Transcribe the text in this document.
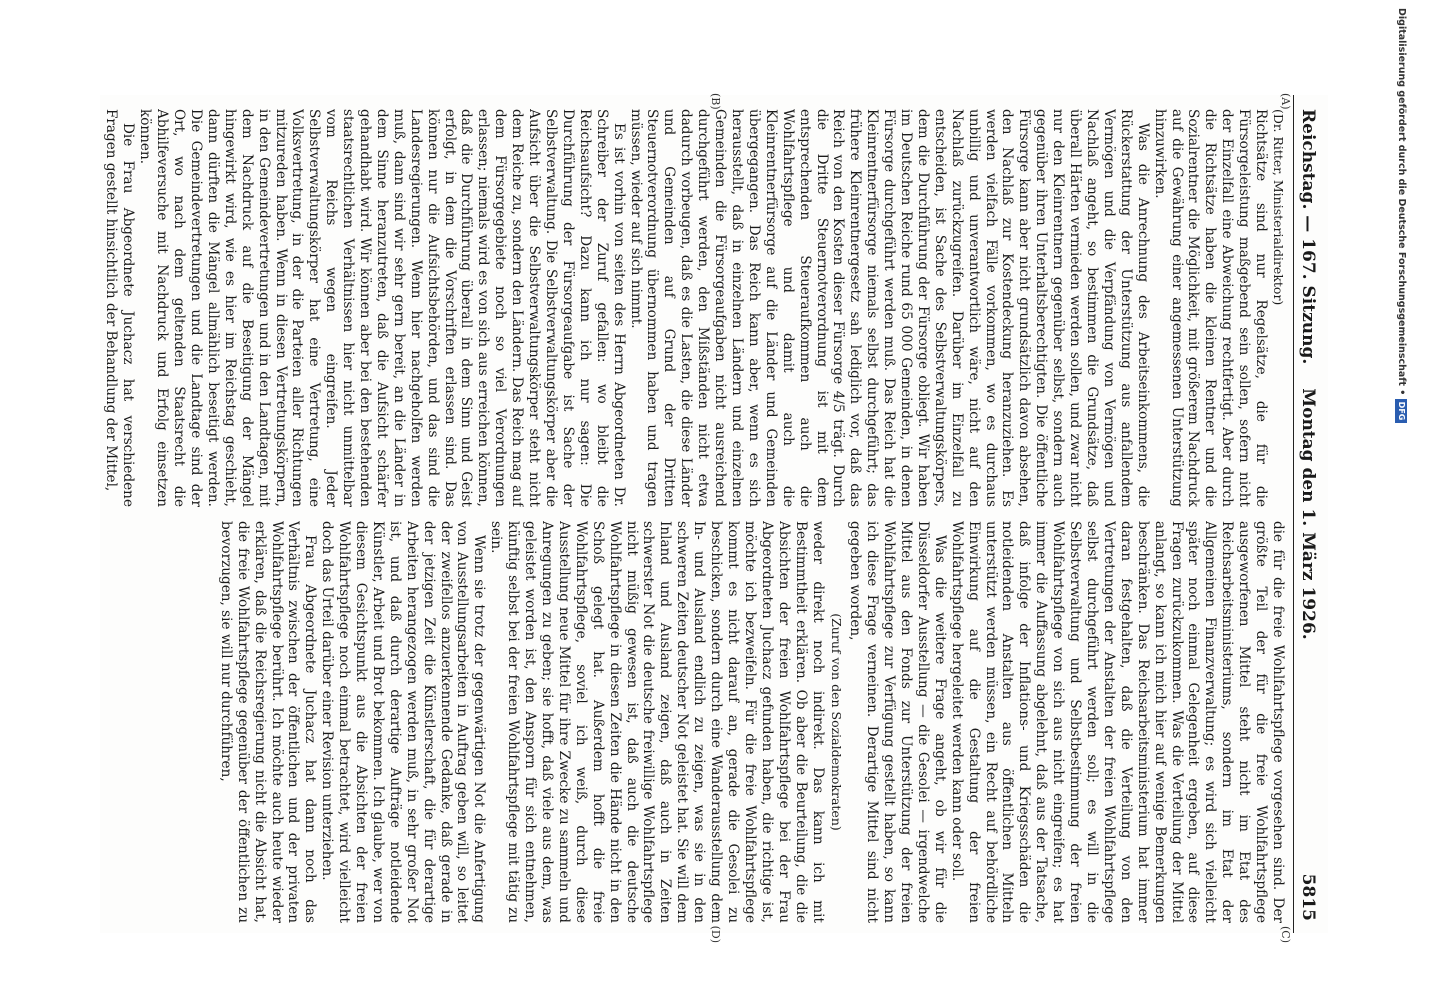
Reichstag. — 167. Sitzung.
Montag den 1. März 1926.
5815
(A)
(B)
(C)
(D)

(Dr. Ritter, Ministerialdirektor)

Richtsätze sind nur Regelsätze, die für die Fürsorgeleistung maßgebend sein sollen, sofern nicht der Einzelfall eine Abweichung rechtfertigt. Aber durch die Richtsätze haben die kleinen Rentner und die Sozialrentner die Möglichkeit, mit größerem Nachdruck auf die Gewährung einer angemessenen Unterstützung hinzuwirken.

Was die Anrechnung des Arbeitseinkommens, die Rückerstattung der Unterstützung aus anfallendem Vermögen und die Verpfändung von Vermögen und Nachlaß angeht, so bestimmen die Grundsätze, daß überall Härten vermieden werden sollen, und zwar nicht nur den Kleinrentnern gegenüber selbst, sondern auch gegenüber ihren Unterhaltsberechtigten. Die öffentliche Fürsorge kann aber nicht grundsätzlich davon absehen, den Nachlaß zur Kostendeckung heranzuziehen. Es werden vielfach Fälle vorkommen, wo es durchaus unbillig und unverantwortlich wäre, nicht auf den Nachlaß zurückzugreifen. Darüber im Einzelfall zu entscheiden, ist Sache des Selbstverwaltungskörpers, dem die Durchführung der Fürsorge obliegt. Wir haben im Deutschen Reiche rund 65 000 Gemeinden, in denen Fürsorge durchgeführt werden muß. Das Reich hat die Kleinrentnerfürsorge niemals selbst durchgeführt; das frühere Kleinrentnergesetz sah lediglich vor, daß das Reich von den Kosten dieser Fürsorge 4/5 trägt. Durch die Dritte Steuernotverordnung ist mit dem entsprechenden Steueraufkommen auch die Wohlfahrtspflege und damit auch die Kleinrentnerfürsorge auf die Länder und Gemeinden übergegangen. Das Reich kann aber, wenn es sich herausstellt, daß in einzelnen Ländern und einzelnen Gemeinden die Fürsorgeaufgaben nicht ausreichend durchgeführt werden, den Mißständen nicht etwa dadurch vorbeugen, daß es die Lasten, die diese Länder und Gemeinden auf Grund der Dritten Steuernotverordnung übernommen haben und tragen müssen, wieder auf sich nimmt.

Es ist vorhin von seiten des Herrn Abgeordneten Dr. Schreiber der Zuruf gefallen: wo bleibt die Reichsaufsicht? Dazu kann ich nur sagen: Die Durchführung der Fürsorgeaufgabe ist Sache der Selbstverwaltung. Die Selbstverwaltungskörper aber die Aufsicht über die Selbstverwaltungskörper steht nicht dem Reiche zu, sondern den Ländern. Das Reich mag auf dem Fürsorgegebiete noch so viel Verordnungen erlassen; niemals wird es von sich aus erreichen können, daß die Durchführung überall in dem Sinn und Geist erfolgt, in dem die Vorschriften erlassen sind. Das können nur die Aufsichtsbehörden, und das sind die Landesregierungen. Wenn hier nachgeholfen werden muß, dann sind wir sehr gern bereit, an die Länder in dem Sinne heranzutreten, daß die Aufsicht schärfer gehandhabt wird. Wir können aber bei den bestehenden staatsrechtlichen Verhältnissen hier nicht unmittelbar vom Reichs wegen eingreifen. Jeder Selbstverwaltungskörper hat eine Vertretung, eine Volksvertretung, in der die Parteien aller Richtungen mitzureden haben. Wenn in diesen Vertretungskörpern, in den Gemeindevertretungen und in den Landtagen, mit dem Nachdruck auf die Beseitigung der Mängel hingewirkt wird, wie es hier im Reichstag geschieht, dann dürften die Mängel allmählich beseitigt werden. Die Gemeindevertretungen und die Landtage sind der Ort, wo nach dem geltenden Staatsrecht die Abhilfeversuche mit Nachdruck und Erfolg einsetzen können.

Die Frau Abgeordnete Juchacz hat verschiedene Fragen gestellt hinsichtlich der Behandlung der Mittel,

die für die freie Wohlfahrtspflege vorgesehen sind. Der größte Teil der für die freie Wohlfahrtspflege ausgeworfenen Mittel steht nicht im Etat des Reichsarbeitsministeriums, sondern im Etat der Allgemeinen Finanzverwaltung; es wird sich vielleicht später noch einmal Gelegenheit ergeben, auf diese Fragen zurückzukommen. Was die Verteilung der Mittel anlangt, so kann ich mich hier auf wenige Bemerkungen beschränken. Das Reichsarbeitsministerium hat immer daran festgehalten, daß die Verteilung von den Vertretungen der Anstalten der freien Wohlfahrtspflege selbst durchgeführt werden soll; es will in die Selbstverwaltung und Selbstbestimmung der freien Wohlfahrtspflege von sich aus nicht eingreifen; es hat immer die Auffassung abgelehnt, daß aus der Tatsache, daß infolge der Inflations- und Kriegsschäden die notleidenden Anstalten aus öffentlichen Mitteln unterstützt werden müssen, ein Recht auf behördliche Einwirkung auf die Gestaltung der freien Wohlfahrtspflege hergeleitet werden kann oder soll.

Was die weitere Frage angeht, ob wir für die Düsseldorfer Ausstellung — die Gesolei — irgendwelche Mittel aus den Fonds zur Unterstützung der freien Wohlfahrtspflege zur Verfügung gestellt haben, so kann ich diese Frage verneinen. Derartige Mittel sind nicht gegeben worden,

(Zuruf von den Sozialdemokraten)

weder direkt noch indirekt. Das kann ich mit Bestimmtheit erklären. Ob aber die Beurteilung, die die Absichten der freien Wohlfahrtspflege bei der Frau Abgeordneten Juchacz gefunden haben, die richtige ist, möchte ich bezweifeln. Für die freie Wohlfahrtspflege kommt es nicht darauf an, gerade die Gesolei zu beschicken, sondern durch eine Wanderausstellung dem In- und Ausland endlich zu zeigen, was sie in den schweren Zeiten deutscher Not geleistet hat. Sie will dem Inland und Ausland zeigen, daß auch in Zeiten schwerster Not die deutsche freiwillige Wohlfahrtspflege nicht müßig gewesen ist, daß auch die deutsche Wohlfahrtspflege in diesen Zeiten die Hände nicht in den Schoß gelegt hat. Außerdem hofft die freie Wohlfahrtspflege, soviel ich weiß, durch diese Ausstellung neue Mittel für ihre Zwecke zu sammeln und Anregungen zu geben; sie hofft, daß viele aus dem, was geleistet worden ist, den Ansporn für sich entnehmen, künftig selbst bei der freien Wohlfahrtspflege mit tätig zu sein.

Wenn sie trotz der gegenwärtigen Not die Anfertigung von Ausstellungsarbeiten in Auftrag geben will, so leitet der zweifellos anzuerkennende Gedanke, daß gerade in der jetzigen Zeit die Künstlerschaft, die für derartige Arbeiten herangezogen werden muß, in sehr großer Not ist, und daß durch derartige Aufträge notleidende Künstler, Arbeit und Brot bekommen. Ich glaube, wer von diesem Gesichtspunkt aus die Absichten der freien Wohlfahrtspflege noch einmal betrachtet, wird vielleicht doch das Urteil darüber einer Revision unterziehen.

Frau Abgeordnete Juchacz hat dann noch das Verhältnis zwischen der öffentlichen und der privaten Wohlfahrtspflege berührt. Ich möchte auch heute wieder erklären, daß die Reichsregierung nicht die Absicht hat, die freie Wohlfahrtspflege gegenüber der öffentlichen zu bevorzugen, sie will nur durchführen,

Digitalisierung gefördert durch die Deutsche Forschungsgemeinschaft • DFG
